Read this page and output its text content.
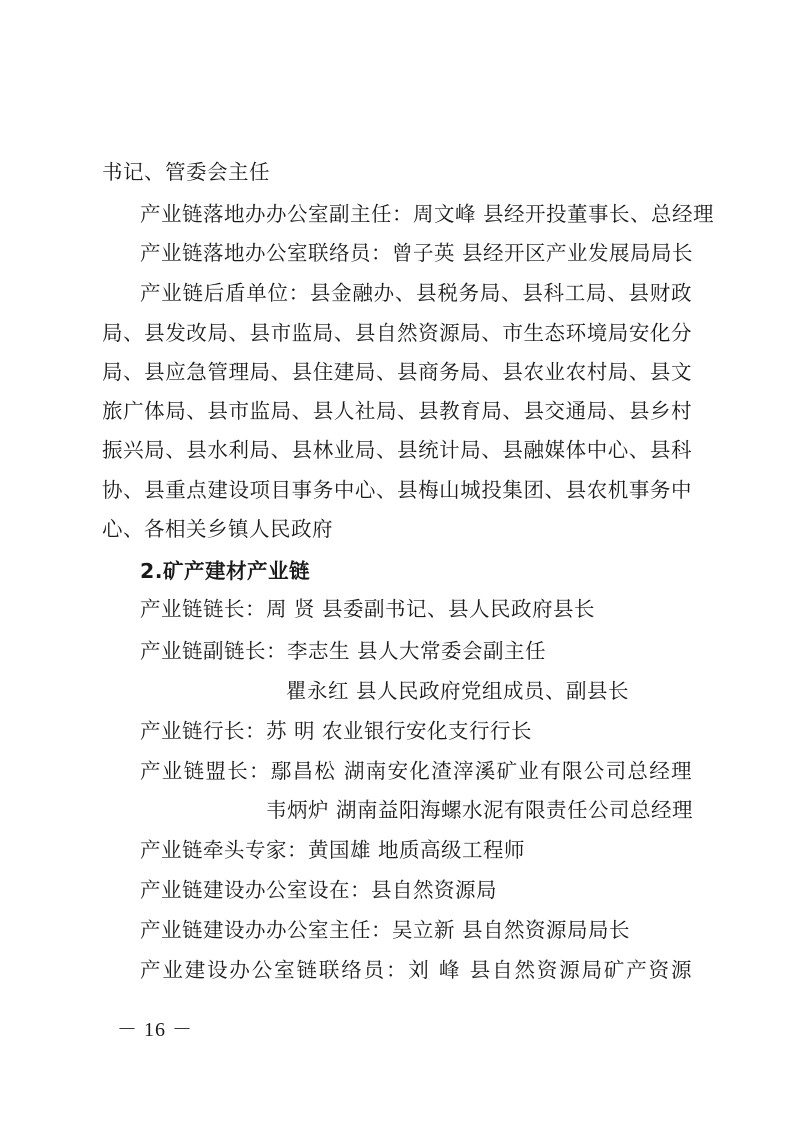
书记、管委会主任
产业链落地办办公室副主任：周文峰 县经开投董事长、总经理
产业链落地办公室联络员：曾子英 县经开区产业发展局局长
产业链后盾单位：县金融办、县税务局、县科工局、县财政
局、县发改局、县市监局、县自然资源局、市生态环境局安化分
局、县应急管理局、县住建局、县商务局、县农业农村局、县文
旅广体局、县市监局、县人社局、县教育局、县交通局、县乡村
振兴局、县水利局、县林业局、县统计局、县融媒体中心、县科
协、县重点建设项目事务中心、县梅山城投集团、县农机事务中
心、各相关乡镇人民政府
2.矿产建材产业链
产业链链长：周 贤 县委副书记、县人民政府县长
产业链副链长：李志生 县人大常委会副主任
瞿永红 县人民政府党组成员、副县长
产业链行长：苏 明 农业银行安化支行行长
产业链盟长：鄢昌松 湖南安化渣滓溪矿业有限公司总经理
韦炳炉 湖南益阳海螺水泥有限责任公司总经理
产业链牵头专家：黄国雄 地质高级工程师
产业链建设办公室设在：县自然资源局
产业链建设办办公室主任：吴立新 县自然资源局局长
产业建设办公室链联络员：刘 峰 县自然资源局矿产资源
－ 16 －
